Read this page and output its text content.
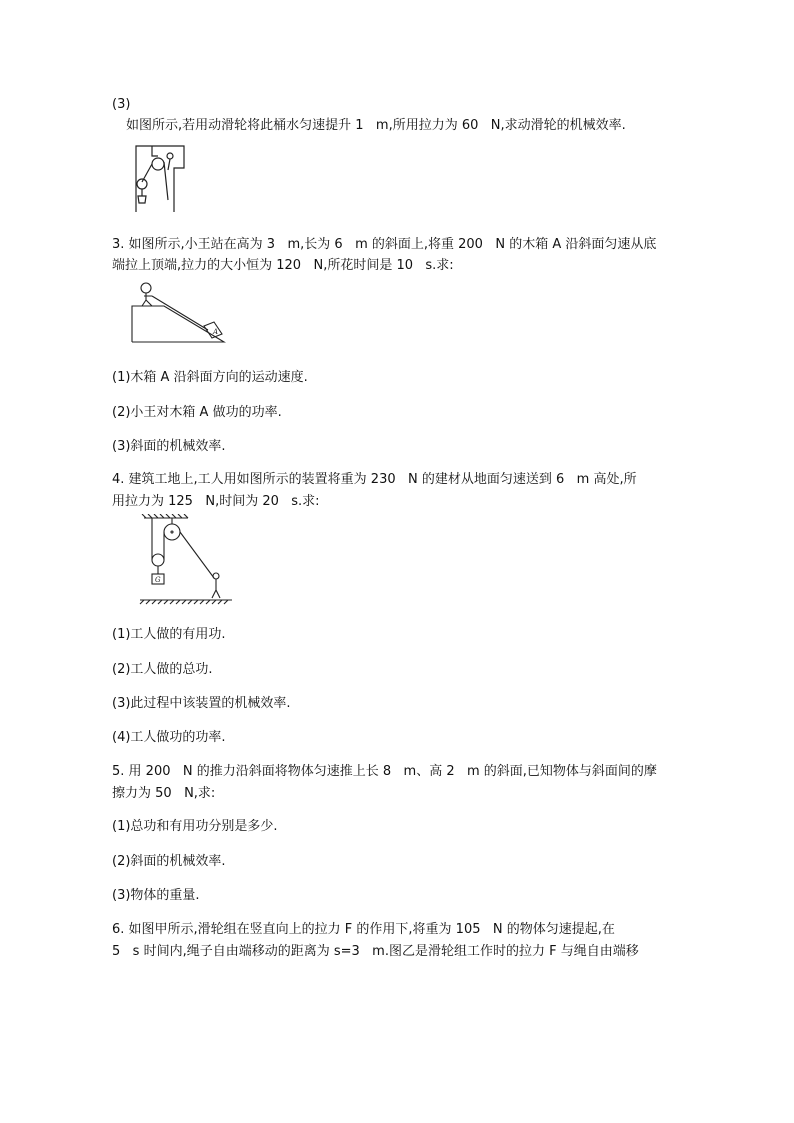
(3)
如图所示,若用动滑轮将此桶水匀速提升 1   m,所用拉力为 60   N,求动滑轮的机械效率.
3. 如图所示,小王站在高为 3   m,长为 6   m 的斜面上,将重 200   N 的木箱 A 沿斜面匀速从底
端拉上顶端,拉力的大小恒为 120   N,所花时间是 10   s.求:
A
(1)木箱 A 沿斜面方向的运动速度.
(2)小王对木箱 A 做功的功率.
(3)斜面的机械效率.
4. 建筑工地上,工人用如图所示的装置将重为 230   N 的建材从地面匀速送到 6   m 高处,所
用拉力为 125   N,时间为 20   s.求:
G
(1)工人做的有用功.
(2)工人做的总功.
(3)此过程中该装置的机械效率.
(4)工人做功的功率.
5. 用 200   N 的推力沿斜面将物体匀速推上长 8   m、高 2   m 的斜面,已知物体与斜面间的摩
擦力为 50   N,求:
(1)总功和有用功分别是多少.
(2)斜面的机械效率.
(3)物体的重量.
6. 如图甲所示,滑轮组在竖直向上的拉力 F 的作用下,将重为 105   N 的物体匀速提起,在
5   s 时间内,绳子自由端移动的距离为 s=3   m.图乙是滑轮组工作时的拉力 F 与绳自由端移
